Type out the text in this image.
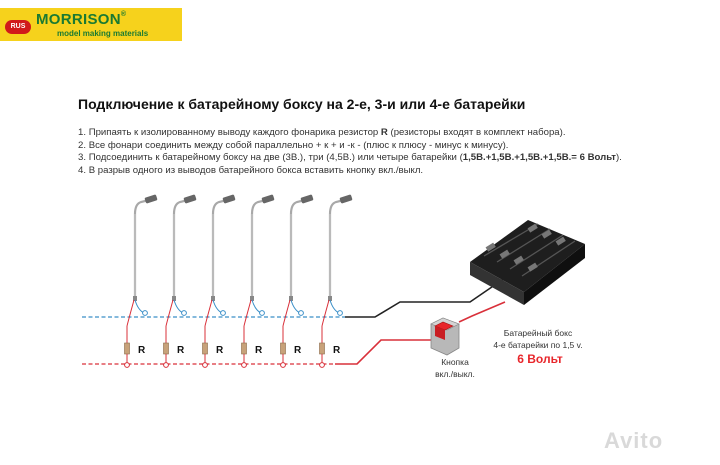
RUS MORRISON®
model making materials
Подключение к батарейному боксу на 2-е, 3-и или 4-е батарейки
1. Припаять к изолированному выводу каждого фонарика резистор R (резисторы входят в комплект набора).
2. Все фонари соединить между собой параллельно + к + и -к - (плюс к плюсу - минус к минусу).
3. Подсоединить к батарейному боксу на две (3В.), три (4,5В.) или четыре батарейки (1,5В.+1,5В.+1,5В.+1,5В.= 6 Вольт).
4. В разрыв одного из выводов батарейного бокса вставить кнопку вкл./выкл.
R	R	R	R	R	R
Кнопка
вкл./выкл.
Батарейный бокс
4-е батарейки по 1,5 v.
6 Вольт
Avito
